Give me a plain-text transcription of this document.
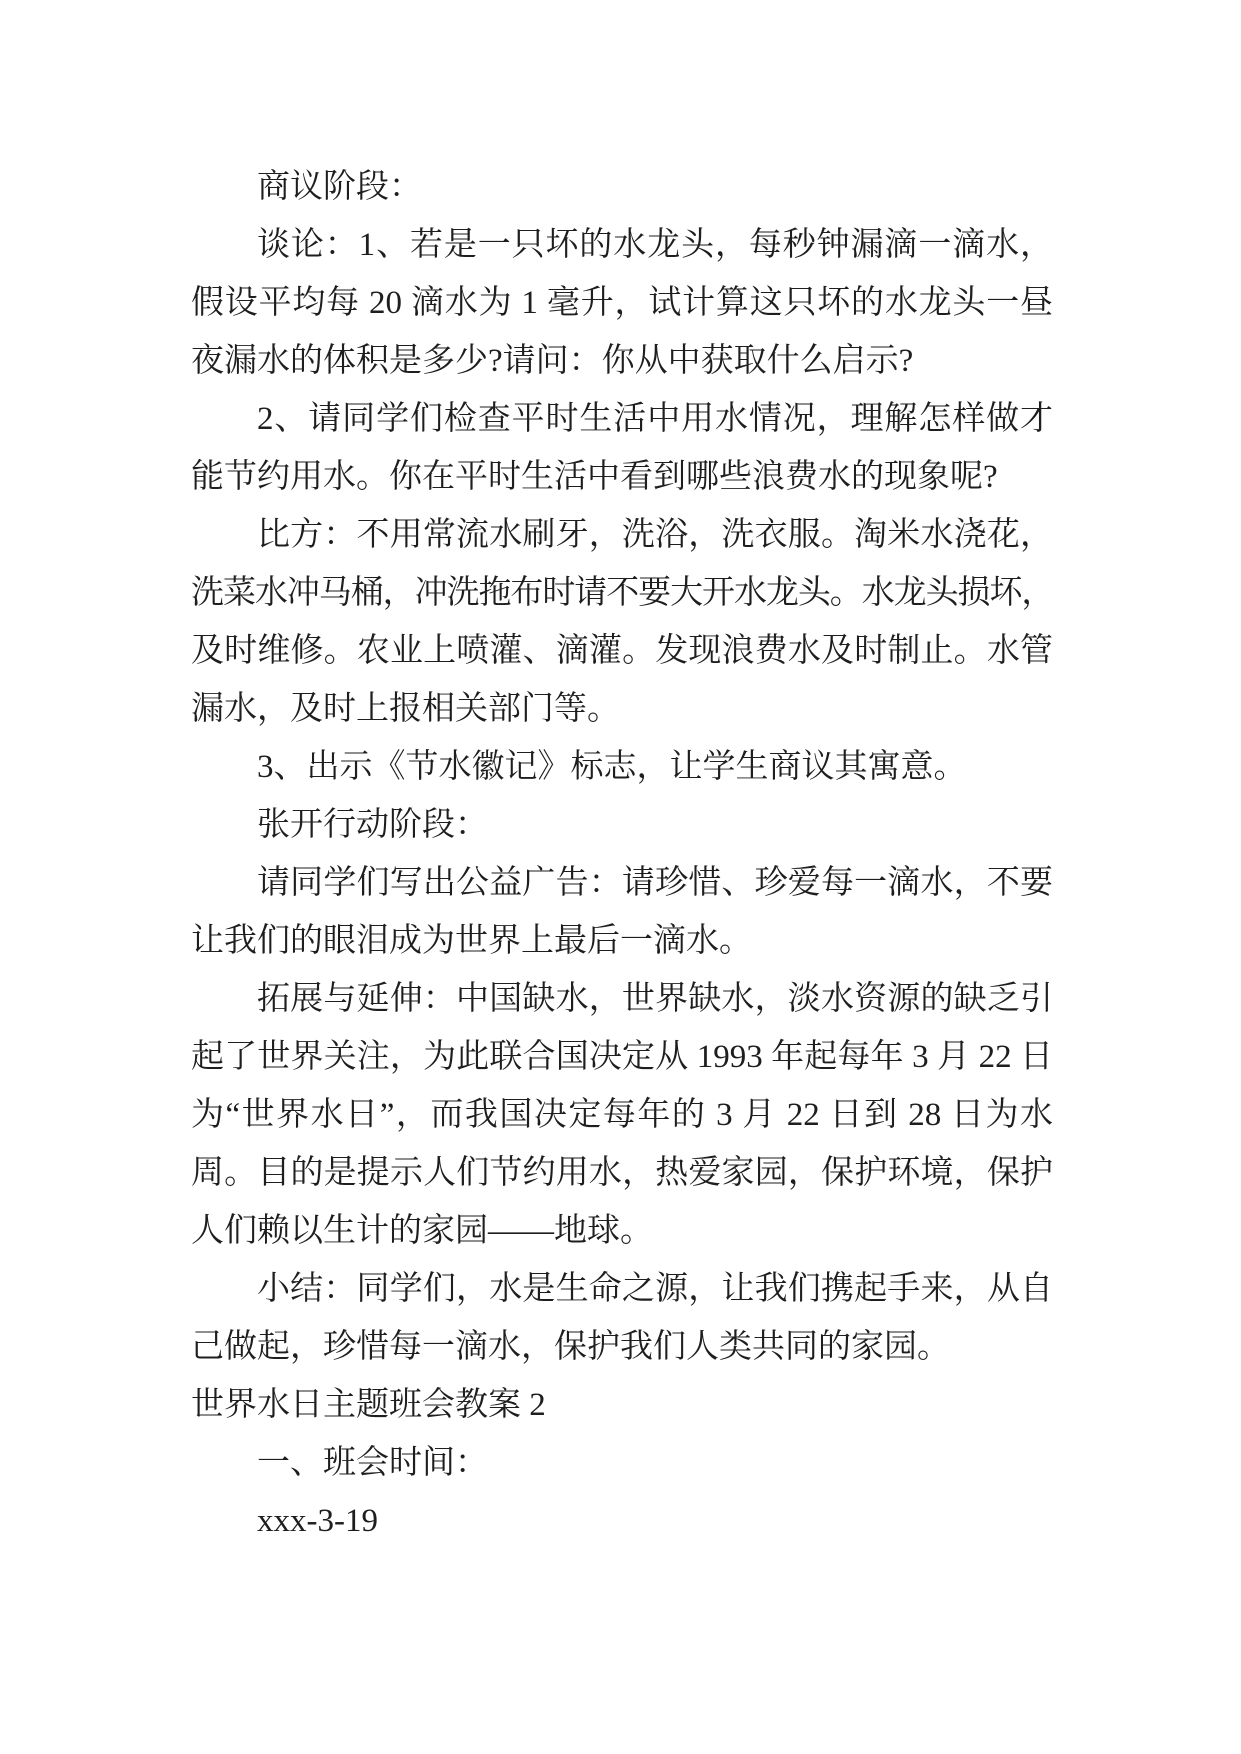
商议阶段：
谈论：1、若是一只坏的水龙头，每秒钟漏滴一滴水，
假设平均每 20 滴水为 1 毫升，试计算这只坏的水龙头一昼
夜漏水的体积是多少?请问：你从中获取什么启示?
2、请同学们检查平时生活中用水情况，理解怎样做才
能节约用水。你在平时生活中看到哪些浪费水的现象呢?
比方：不用常流水刷牙，洗浴，洗衣服。淘米水浇花，
洗菜水冲马桶，冲洗拖布时请不要大开水龙头。水龙头损坏，
及时维修。农业上喷灌、滴灌。发现浪费水及时制止。水管
漏水，及时上报相关部门等。
3、出示《节水徽记》标志，让学生商议其寓意。
张开行动阶段：
请同学们写出公益广告：请珍惜、珍爱每一滴水，不要
让我们的眼泪成为世界上最后一滴水。
拓展与延伸：中国缺水，世界缺水，淡水资源的缺乏引
起了世界关注，为此联合国决定从 1993 年起每年 3 月 22 日
为“世界水日”，而我国决定每年的 3 月 22 日到 28 日为水
周。目的是提示人们节约用水，热爱家园，保护环境，保护
人们赖以生计的家园——地球。
小结：同学们，水是生命之源，让我们携起手来，从自
己做起，珍惜每一滴水，保护我们人类共同的家园。
世界水日主题班会教案 2
一、班会时间：
xxx-3-19
